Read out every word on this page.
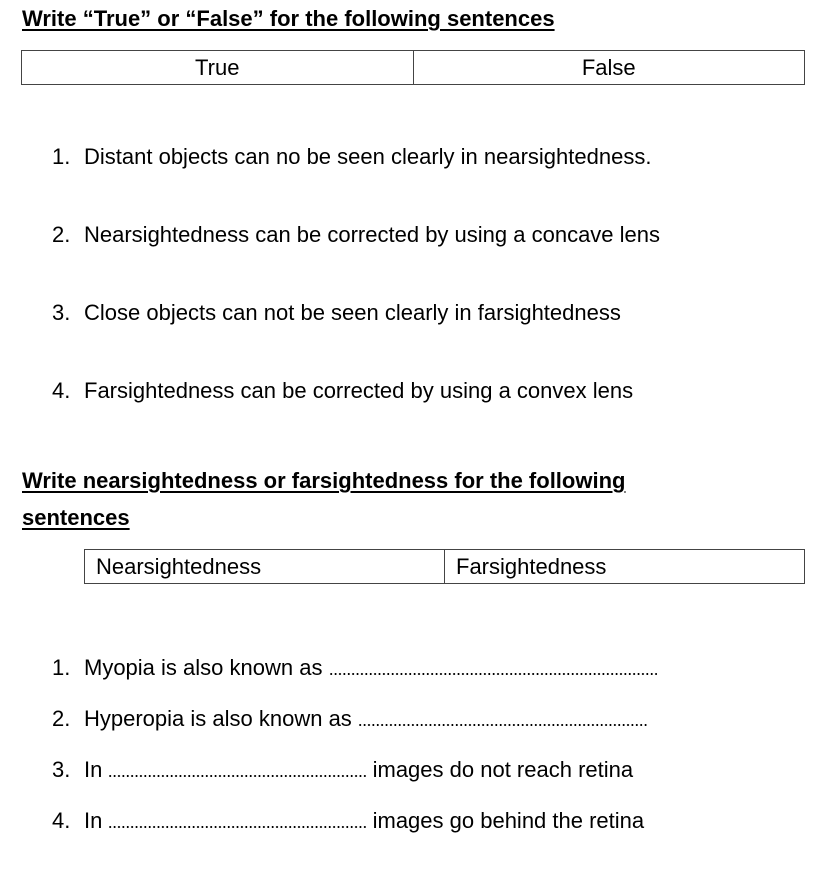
Write “True” or “False” for the following sentences
True	False
1. Distant objects can no be seen clearly in nearsightedness.
2. Nearsightedness can be corrected by using a concave lens
3. Close objects can not be seen clearly in farsightedness
4. Farsightedness can be corrected by using a convex lens
Write nearsightedness or farsightedness for the following
sentences
Nearsightedness	Farsightedness
1. Myopia is also known as
2. Hyperopia is also known as
3. In	images do not reach retina
4. In	images go behind the retina
